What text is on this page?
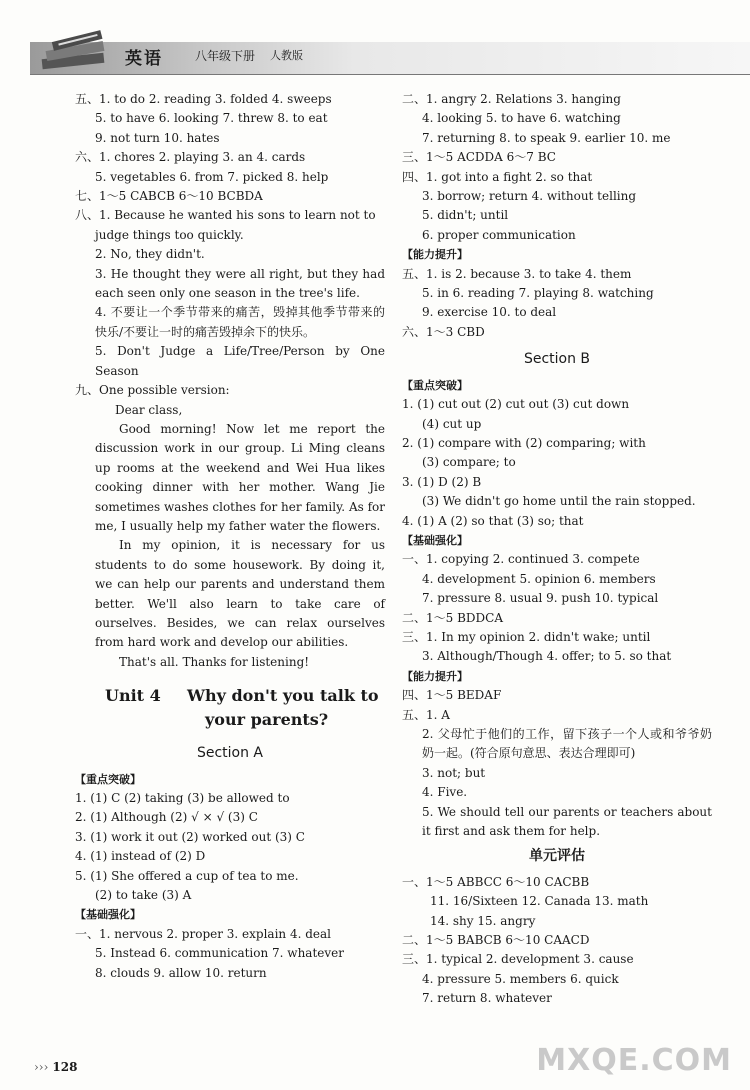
英语	八年级下册 人教版
五、1. to do 2. reading 3. folded 4. sweeps
5. to have 6. looking 7. threw 8. to eat
9. not turn 10. hates
六、1. chores 2. playing 3. an 4. cards
5. vegetables 6. from 7. picked 8. help
七、1～5 CABCB 6～10 BCBDA
八、1. Because he wanted his sons to learn not to judge things too quickly.
2. No, they didn't.
3. He thought they were all right, but they had each seen only one season in the tree's life.
4. 不要让一个季节带来的痛苦，毁掉其他季节带来的快乐/不要让一时的痛苦毁掉余下的快乐。
5. Don't Judge a Life/Tree/Person by One Season
九、One possible version:

Dear class,

Good morning! Now let me report the discussion work in our group. Li Ming cleans up rooms at the weekend and Wei Hua likes cooking dinner with her mother. Wang Jie sometimes washes clothes for her family. As for me, I usually help my father water the flowers.

In my opinion, it is necessary for us students to do some housework. By doing it, we can help our parents and understand them better. We'll also learn to take care of ourselves. Besides, we can relax ourselves from hard work and develop our abilities.

That's all. Thanks for listening!

Unit 4 Why don't you talk to
your parents?
Section A
【重点突破】
1. (1) C (2) taking (3) be allowed to
2. (1) Although (2) √ × √ (3) C
3. (1) work it out (2) worked out (3) C
4. (1) instead of (2) D
5. (1) She offered a cup of tea to me.
(2) to take (3) A
【基础强化】
一、1. nervous 2. proper 3. explain 4. deal
5. Instead 6. communication 7. whatever
8. clouds 9. allow 10. return
二、1. angry 2. Relations 3. hanging
4. looking 5. to have 6. watching
7. returning 8. to speak 9. earlier 10. me
三、1～5 ACDDA 6～7 BC
四、1. got into a fight 2. so that
3. borrow; return 4. without telling
5. didn't; until
6. proper communication
【能力提升】
五、1. is 2. because 3. to take 4. them
5. in 6. reading 7. playing 8. watching
9. exercise 10. to deal
六、1～3 CBD
Section B
【重点突破】
1. (1) cut out (2) cut out (3) cut down
(4) cut up
2. (1) compare with (2) comparing; with
(3) compare; to
3. (1) D (2) B
(3) We didn't go home until the rain stopped.
4. (1) A (2) so that (3) so; that
【基础强化】
一、1. copying 2. continued 3. compete
4. development 5. opinion 6. members
7. pressure 8. usual 9. push 10. typical
二、1～5 BDDCA
三、1. In my opinion 2. didn't wake; until
3. Although/Though 4. offer; to 5. so that
【能力提升】
四、1～5 BEDAF
五、1. A
2. 父母忙于他们的工作，留下孩子一个人或和爷爷奶奶一起。(符合原句意思、表达合理即可)
3. not; but
4. Five.
5. We should tell our parents or teachers about it first and ask them for help.
单元评估
一、1～5 ABBCC 6～10 CACBB
11. 16/Sixteen 12. Canada 13. math
14. shy 15. angry
二、1～5 BABCB 6～10 CAACD
三、1. typical 2. development 3. cause
4. pressure 5. members 6. quick
7. return 8. whatever
››› 128	MXQE.COM
